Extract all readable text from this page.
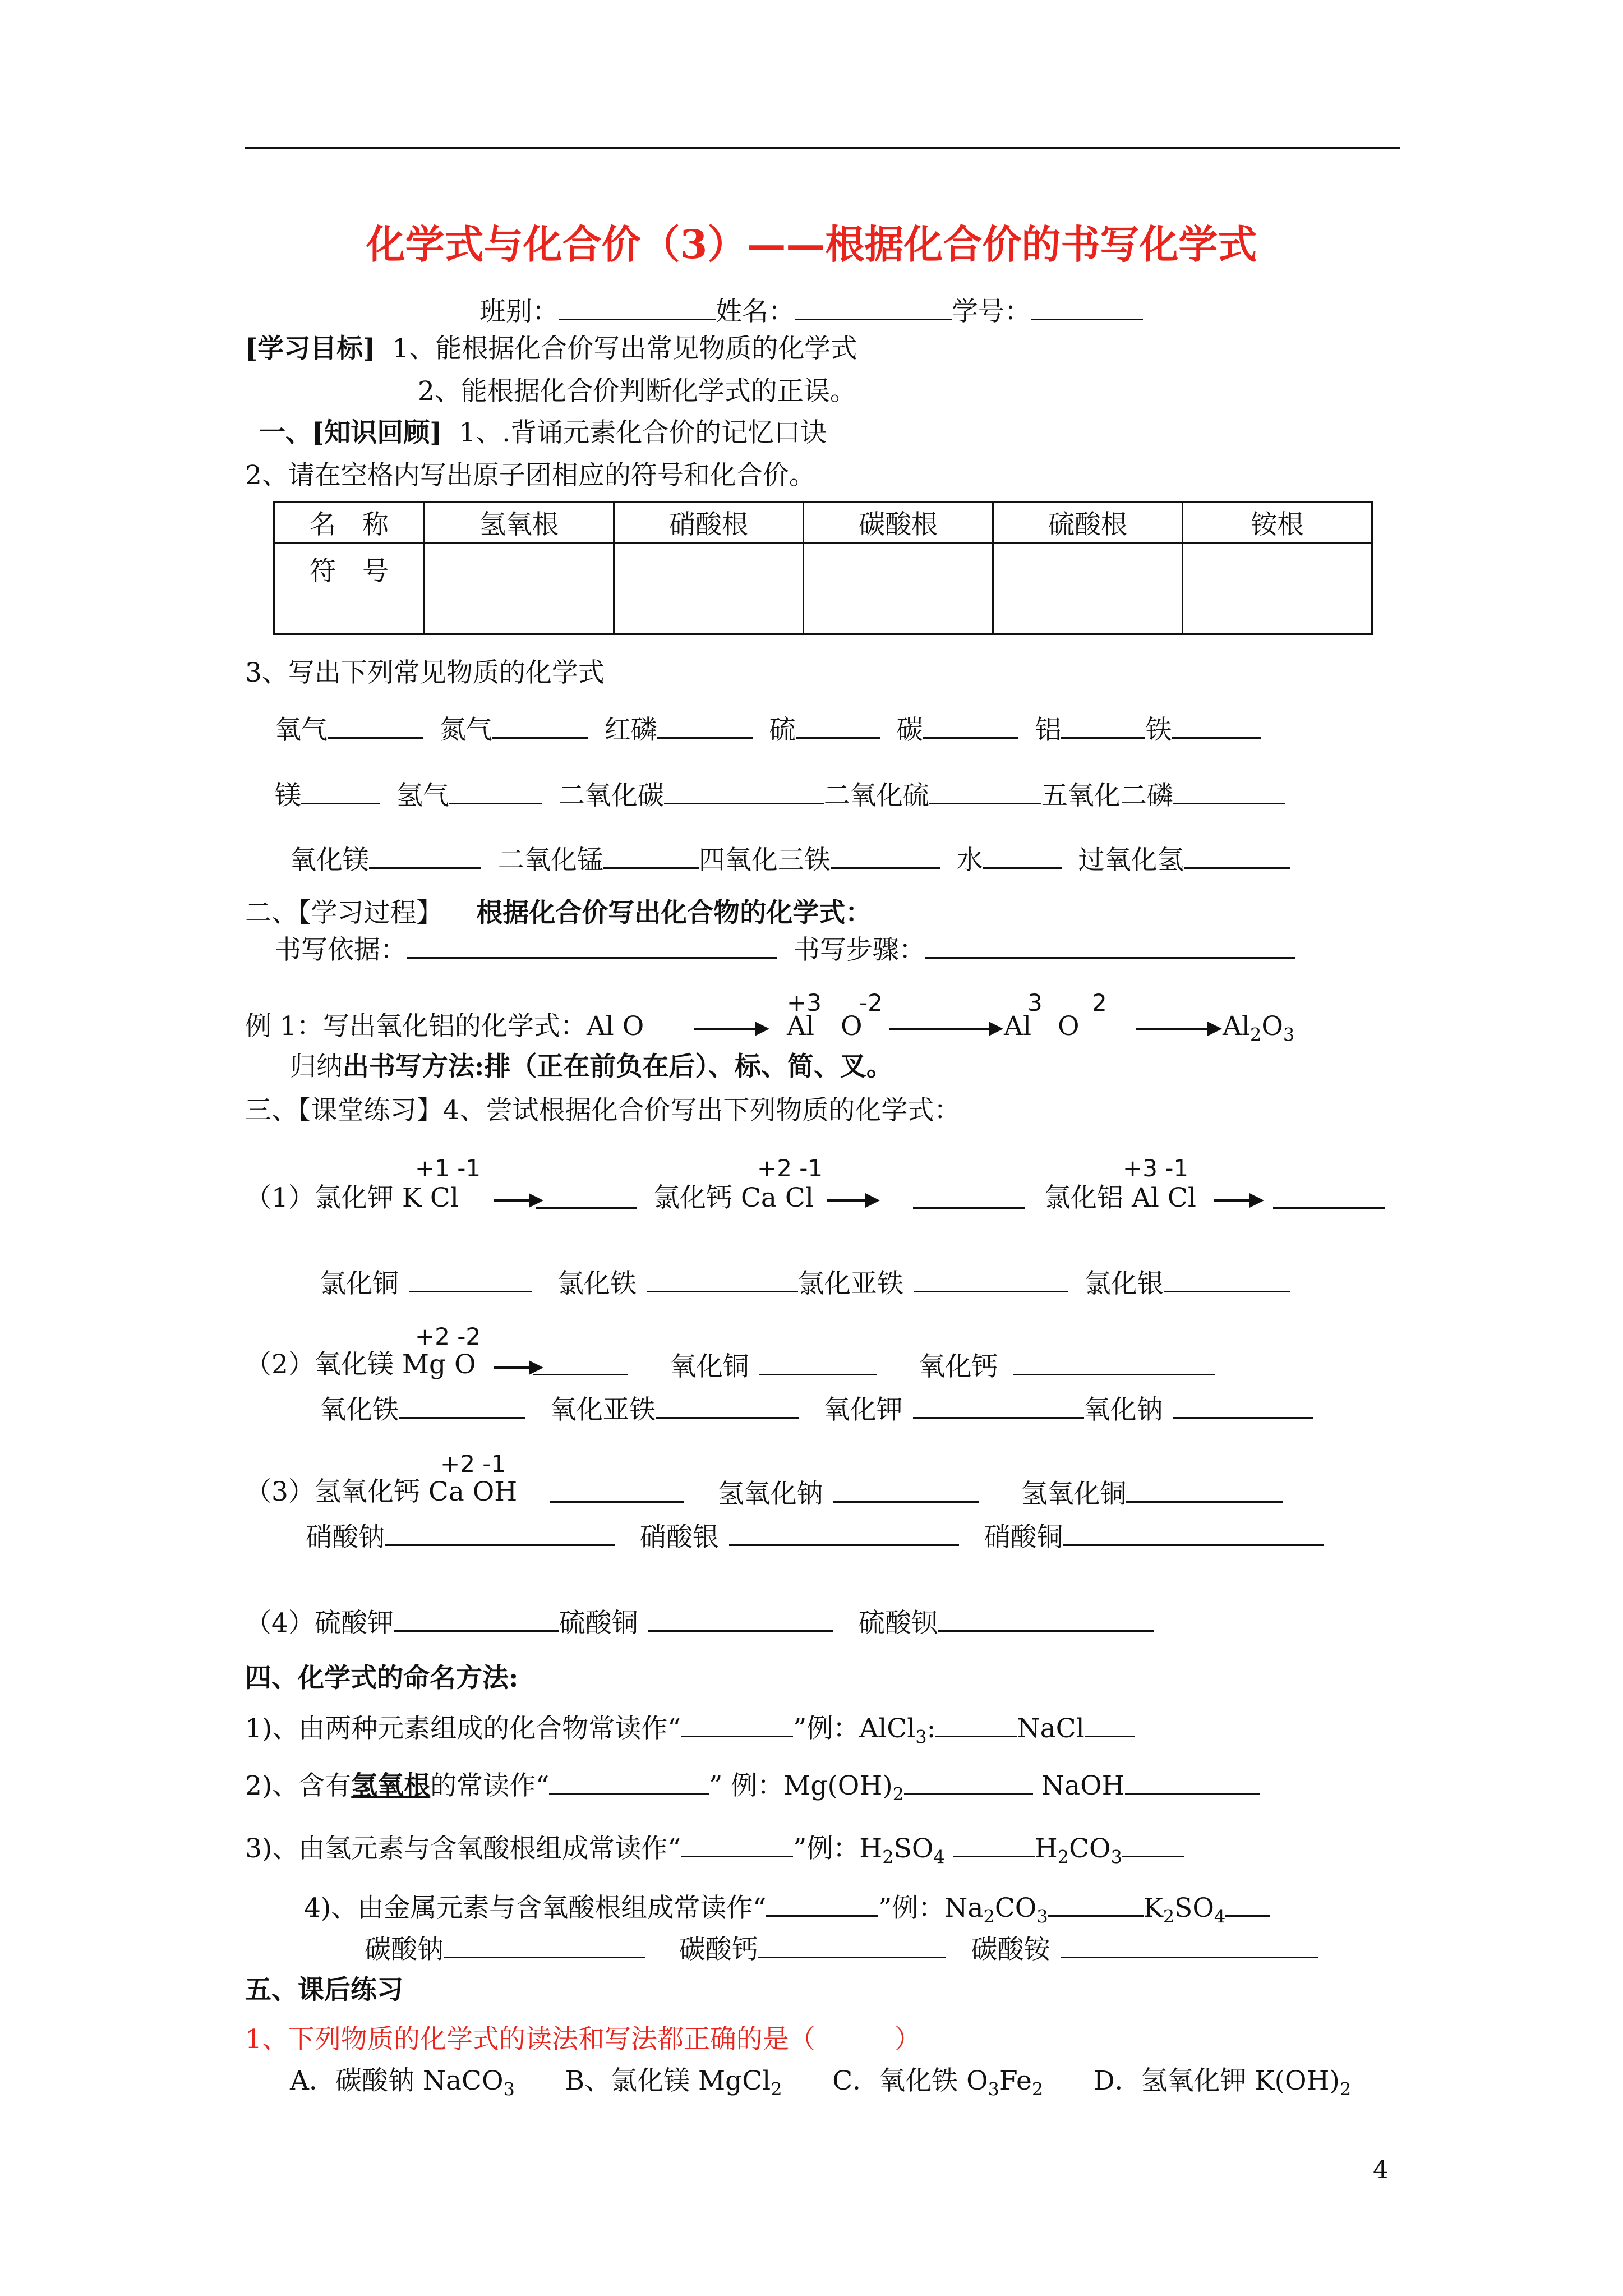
化学式与化合价（3）——根据化合价的书写化学式
班别：	姓名：	学号：
[学习目标] 1、能根据化合价写出常见物质的化学式
2、能根据化合价判断化学式的正误。
一、[知识回顾] 1、.背诵元素化合价的记忆口诀
2、请在空格内写出原子团相应的符号和化合价。
名　称	氢氧根	硝酸根	碳酸根	硫酸根	铵根
符　号					
3、写出下列常见物质的化学式
氧气	氮气	红磷	硫	碳	铝	铁
镁	氢气	二氧化碳	二氧化硫	五氧化二磷
氧化镁	二氧化锰	四氧化三铁	水	过氧化氢
二、【学习过程】 根据化合价写出化合物的化学式：
书写依据：	书写步骤：
例 1：写出氧化铝的化学式：Al O
+3 -2
Al　O
3 2
Al　O	$Al_2O_3$
归纳出书写方法:排（正在前负在后）、标、简、叉。
三、【课堂练习】4、尝试根据化合价写出下列物质的化学式：
+1 -1
（1）氯化钾 K Cl
+2 -1
氯化钙 Ca Cl
+3 -1
氯化铝 Al Cl
氯化铜	氯化铁	氯化亚铁	氯化银
+2 -2
（2）氧化镁 Mg O	氧化铜	氧化钙
氧化铁	氧化亚铁	氧化钾	氧化钠
+2 -1
（3）氢氧化钙 Ca OH	氢氧化钠	氢氧化铜
硝酸钠	硝酸银	硝酸铜
（4）硫酸钾	硫酸铜	硫酸钡
四、化学式的命名方法:
1)、由两种元素组成的化合物常读作“	”例：AlCl$_3$:	NaCl
2)、含有氢氧根的常读作“	” 例：$Mg(OH)_2$	NaOH
3)、由氢元素与含氧酸根组成常读作“	”例：$H_2SO_4$	$H_2CO_3$
4)、由金属元素与含氧酸根组成常读作“	”例：$Na_2CO_3$	$K_2SO_4$
碳酸钠	碳酸钙	碳酸铵
五、课后练习
1、下列物质的化学式的读法和写法都正确的是（　　　）
A．碳酸钠 NaCO$_3$ B、氯化镁 MgCl$_2$ C．氧化铁 $O_3Fe_2$ D．氢氧化钾 $K(OH)_2$
4
